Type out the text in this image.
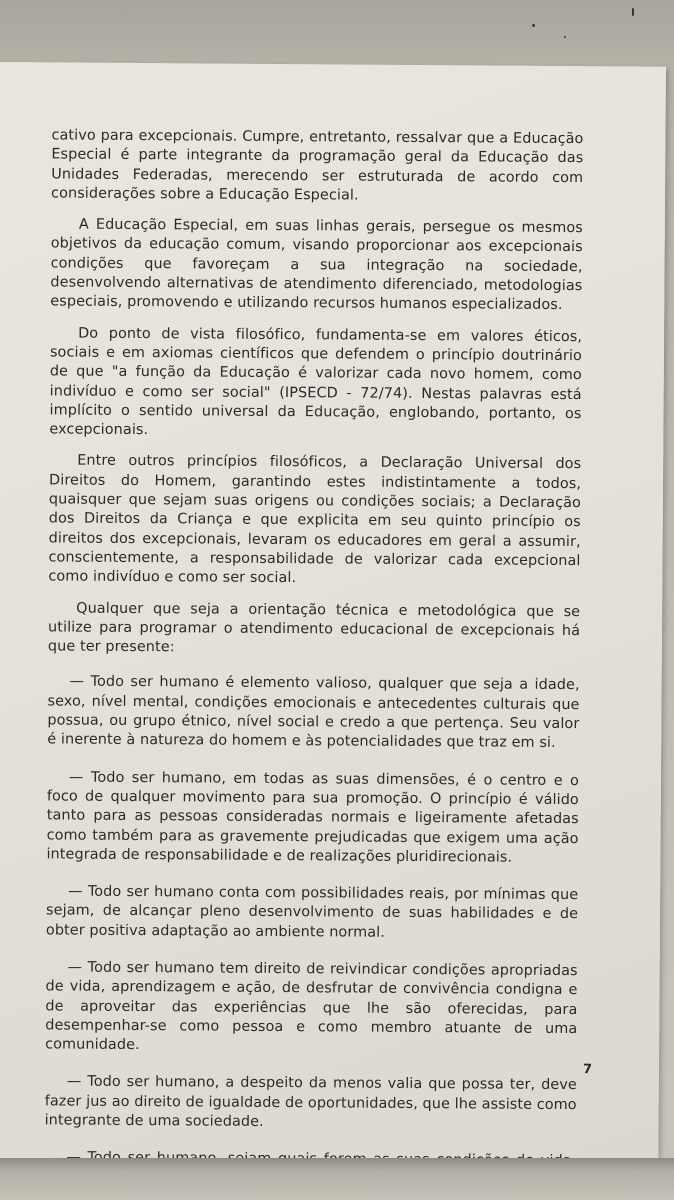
cativo para excepcionais. Cumpre, entretanto, ressalvar que a Educação Especial é parte integrante da programação geral da Educação das Unidades Federadas, merecendo ser estruturada de acordo com considerações sobre a Educação Especial.

A Educação Especial, em suas linhas gerais, persegue os mesmos objetivos da educação comum, visando proporcionar aos excepcionais condições que favoreçam a sua integração na sociedade, desenvolvendo alternativas de atendimento diferenciado, metodologias especiais, promovendo e utilizando recursos humanos especializados.

Do ponto de vista filosófico, fundamenta-se em valores éticos, sociais e em axiomas científicos que defendem o princípio doutrinário de que "a função da Educação é valorizar cada novo homem, como indivíduo e como ser social" (IPSECD - 72/74). Nestas palavras está implícito o sentido universal da Educação, englobando, portanto, os excepcionais.

Entre outros princípios filosóficos, a Declaração Universal dos Direitos do Homem, garantindo estes indistintamente a todos, quaisquer que sejam suas origens ou condições sociais; a Declaração dos Direitos da Criança e que explicita em seu quinto princípio os direitos dos excepcionais, levaram os educadores em geral a assumir, conscientemente, a responsabilidade de valorizar cada excepcional como indivíduo e como ser social.

Qualquer que seja a orientação técnica e metodológica que se utilize para programar o atendimento educacional de excepcionais há que ter presente:

— Todo ser humano é elemento valioso, qualquer que seja a idade, sexo, nível mental, condições emocionais e antecedentes culturais que possua, ou grupo étnico, nível social e credo a que pertença. Seu valor é inerente à natureza do homem e às potencialidades que traz em si.

— Todo ser humano, em todas as suas dimensões, é o centro e o foco de qualquer movimento para sua promoção. O princípio é válido tanto para as pessoas consideradas normais e ligeiramente afetadas como também para as gravemente prejudicadas que exigem uma ação integrada de responsabilidade e de realizações pluridirecionais.

— Todo ser humano conta com possibilidades reais, por mínimas que sejam, de alcançar pleno desenvolvimento de suas habilidades e de obter positiva adaptação ao ambiente normal.

— Todo ser humano tem direito de reivindicar condições apropriadas de vida, aprendizagem e ação, de desfrutar de convivência condigna e de aproveitar das experiências que lhe são oferecidas, para desempenhar-se como pessoa e como membro atuante de uma comunidade.

— Todo ser humano, a despeito da menos valia que possa ter, deve fazer jus ao direito de igualdade de oportunidades, que lhe assiste como integrante de uma sociedade.

7
